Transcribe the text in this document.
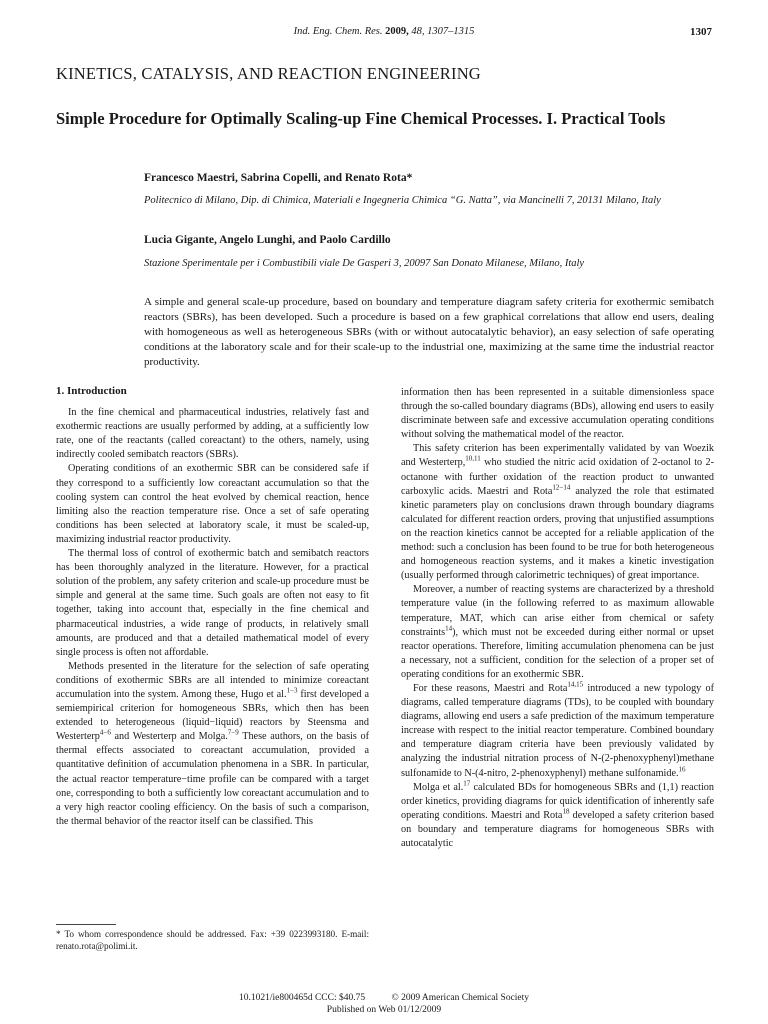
Ind. Eng. Chem. Res. 2009, 48, 1307–1315	1307
KINETICS, CATALYSIS, AND REACTION ENGINEERING
Simple Procedure for Optimally Scaling-up Fine Chemical Processes. I. Practical Tools
Francesco Maestri, Sabrina Copelli, and Renato Rota*
Politecnico di Milano, Dip. di Chimica, Materiali e Ingegneria Chimica “G. Natta”, via Mancinelli 7, 20131 Milano, Italy
Lucia Gigante, Angelo Lunghi, and Paolo Cardillo
Stazione Sperimentale per i Combustibili viale De Gasperi 3, 20097 San Donato Milanese, Milano, Italy
A simple and general scale-up procedure, based on boundary and temperature diagram safety criteria for exothermic semibatch reactors (SBRs), has been developed. Such a procedure is based on a few graphical correlations that allow end users, dealing with homogeneous as well as heterogeneous SBRs (with or without autocatalytic behavior), an easy selection of safe operating conditions at the laboratory scale and for their scale-up to the industrial one, maximizing at the same time the industrial reactor productivity.
1. Introduction

In the fine chemical and pharmaceutical industries, relatively fast and exothermic reactions are usually performed by adding, at a sufficiently low rate, one of the reactants (called coreactant) to the others, namely, using indirectly cooled semibatch reactors (SBRs).

Operating conditions of an exothermic SBR can be considered safe if they correspond to a sufficiently low coreactant accumulation so that the cooling system can control the heat evolved by chemical reaction, hence limiting also the reaction temperature rise. Once a set of safe operating conditions has been selected at laboratory scale, it must be scaled-up, maximizing industrial reactor productivity.

The thermal loss of control of exothermic batch and semibatch reactors has been thoroughly analyzed in the literature. However, for a practical solution of the problem, any safety criterion and scale-up procedure must be simple and general at the same time. Such goals are often not easy to fit together, taking into account that, especially in the fine chemical and pharmaceutical industries, a wide range of products, in relatively small amounts, are produced and that a detailed mathematical model of every single process is often not affordable.

Methods presented in the literature for the selection of safe operating conditions of exothermic SBRs are all intended to minimize coreactant accumulation into the system. Among these, Hugo et al.$^{1-3}$ first developed a semiempirical criterion for homogeneous SBRs, which then has been extended to heterogeneous (liquid−liquid) reactors by Steensma and Westerterp$^{4-6}$ and Westerterp and Molga.$^{7-9}$ These authors, on the basis of thermal effects associated to coreactant accumulation, provided a quantitative definition of accumulation phenomena in a SBR. In particular, the actual reactor temperature−time profile can be compared with a target one, corresponding to both a sufficiently low coreactant accumulation and to a very high reactor cooling efficiency. On the basis of such a comparison, the thermal behavior of the reactor itself can be classified. This

information then has been represented in a suitable dimensionless space through the so-called boundary diagrams (BDs), allowing end users to easily discriminate between safe and excessive accumulation operating conditions without solving the mathematical model of the reactor.

This safety criterion has been experimentally validated by van Woezik and Westerterp,$^{10,11}$ who studied the nitric acid oxidation of 2-octanol to 2-octanone with further oxidation of the reaction product to unwanted carboxylic acids. Maestri and Rota$^{12-14}$ analyzed the role that estimated kinetic parameters play on conclusions drawn through boundary diagrams calculated for different reaction orders, proving that unjustified assumptions on the reaction kinetics cannot be accepted for a reliable application of the method: such a conclusion has been found to be true for both heterogeneous and homogeneous reaction systems, and it makes a kinetic investigation (usually performed through calorimetric techniques) of great importance.

Moreover, a number of reacting systems are characterized by a threshold temperature value (in the following referred to as maximum allowable temperature, MAT, which can arise either from chemical or safety constraints$^{14}$), which must not be exceeded during either normal or upset reactor operations. Therefore, limiting accumulation phenomena can be just a necessary, not a sufficient, condition for the selection of a proper set of operating conditions for an exothermic SBR.

For these reasons, Maestri and Rota$^{14,15}$ introduced a new typology of diagrams, called temperature diagrams (TDs), to be coupled with boundary diagrams, allowing end users a safe prediction of the maximum temperature increase with respect to the initial reactor temperature. Combined boundary and temperature diagram criteria have been previously validated by analyzing the industrial nitration process of N-(2-phenoxyphenyl)methane sulfonamide to N-(4-nitro, 2-phenoxyphenyl) methane sulfonamide.$^{16}$

Molga et al.$^{17}$ calculated BDs for homogeneous SBRs and (1,1) reaction order kinetics, providing diagrams for quick identification of inherently safe operating conditions. Maestri and Rota$^{18}$ developed a safety criterion based on boundary and temperature diagrams for homogeneous SBRs with autocatalytic

* To whom correspondence should be addressed. Fax: +39 0223993180. E-mail: renato.rota@polimi.it.
10.1021/ie800465d CCC: $40.75	© 2009 American Chemical Society
Published on Web 01/12/2009
